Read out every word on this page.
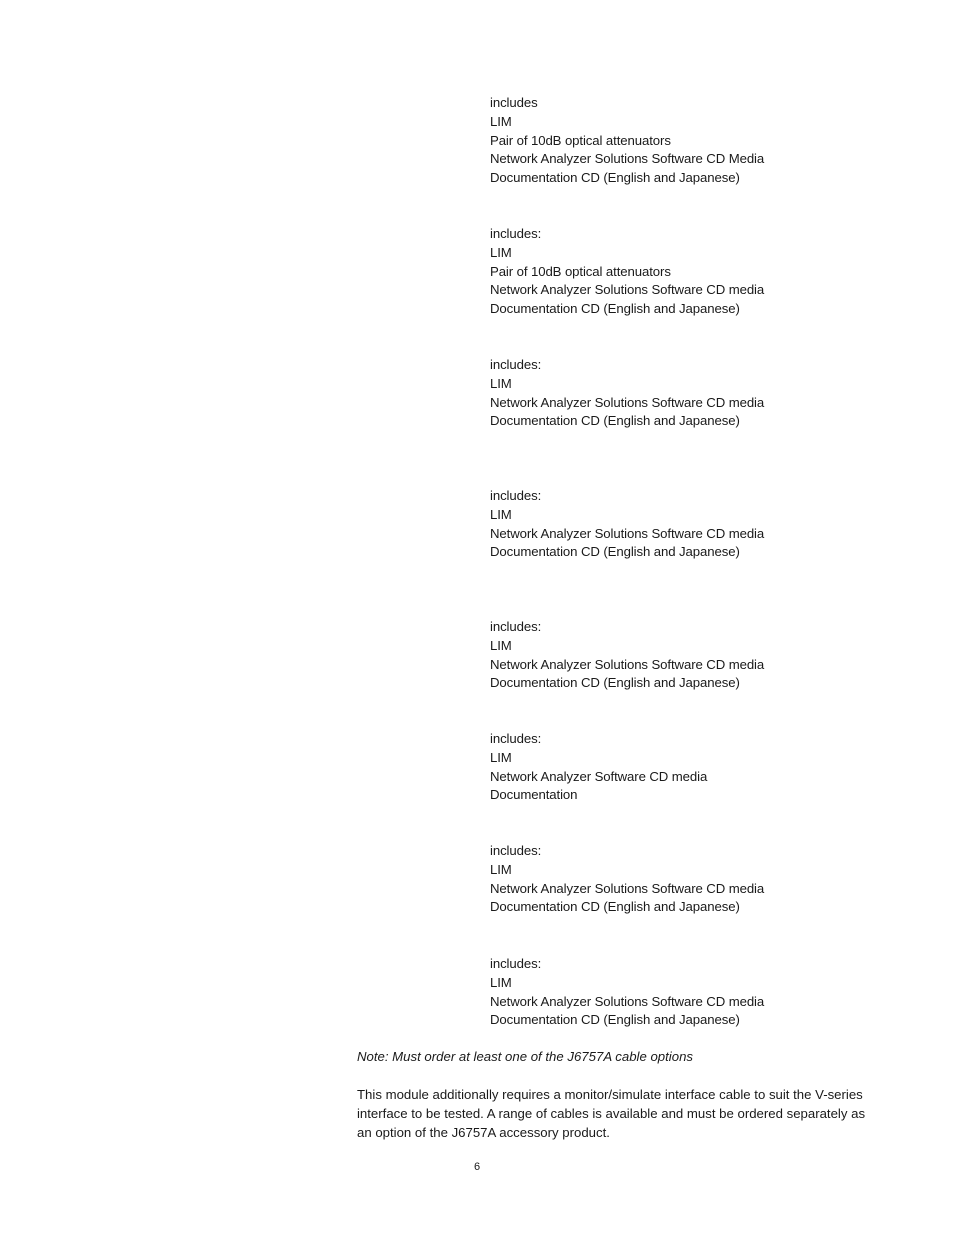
includes
LIM
Pair of 10dB optical attenuators
Network Analyzer Solutions Software CD Media
Documentation CD (English and Japanese)
includes:
LIM
Pair of 10dB optical attenuators
Network Analyzer Solutions Software CD media
Documentation CD (English and Japanese)
includes:
LIM
Network Analyzer Solutions Software CD media
Documentation CD (English and Japanese)
includes:
LIM
Network Analyzer Solutions Software CD media
Documentation CD (English and Japanese)
includes:
LIM
Network Analyzer Solutions Software CD media
Documentation CD (English and Japanese)
includes:
LIM
Network Analyzer Software CD media
Documentation
includes:
LIM
Network Analyzer Solutions Software CD media
Documentation CD (English and Japanese)
includes:
LIM
Network Analyzer Solutions Software CD media
Documentation CD (English and Japanese)
Note: Must order at least one of the J6757A cable options
This module additionally requires a monitor/simulate interface cable to suit the V-series
interface to be tested. A range of cables is available and must be ordered separately as
an option of the J6757A accessory product.
6
